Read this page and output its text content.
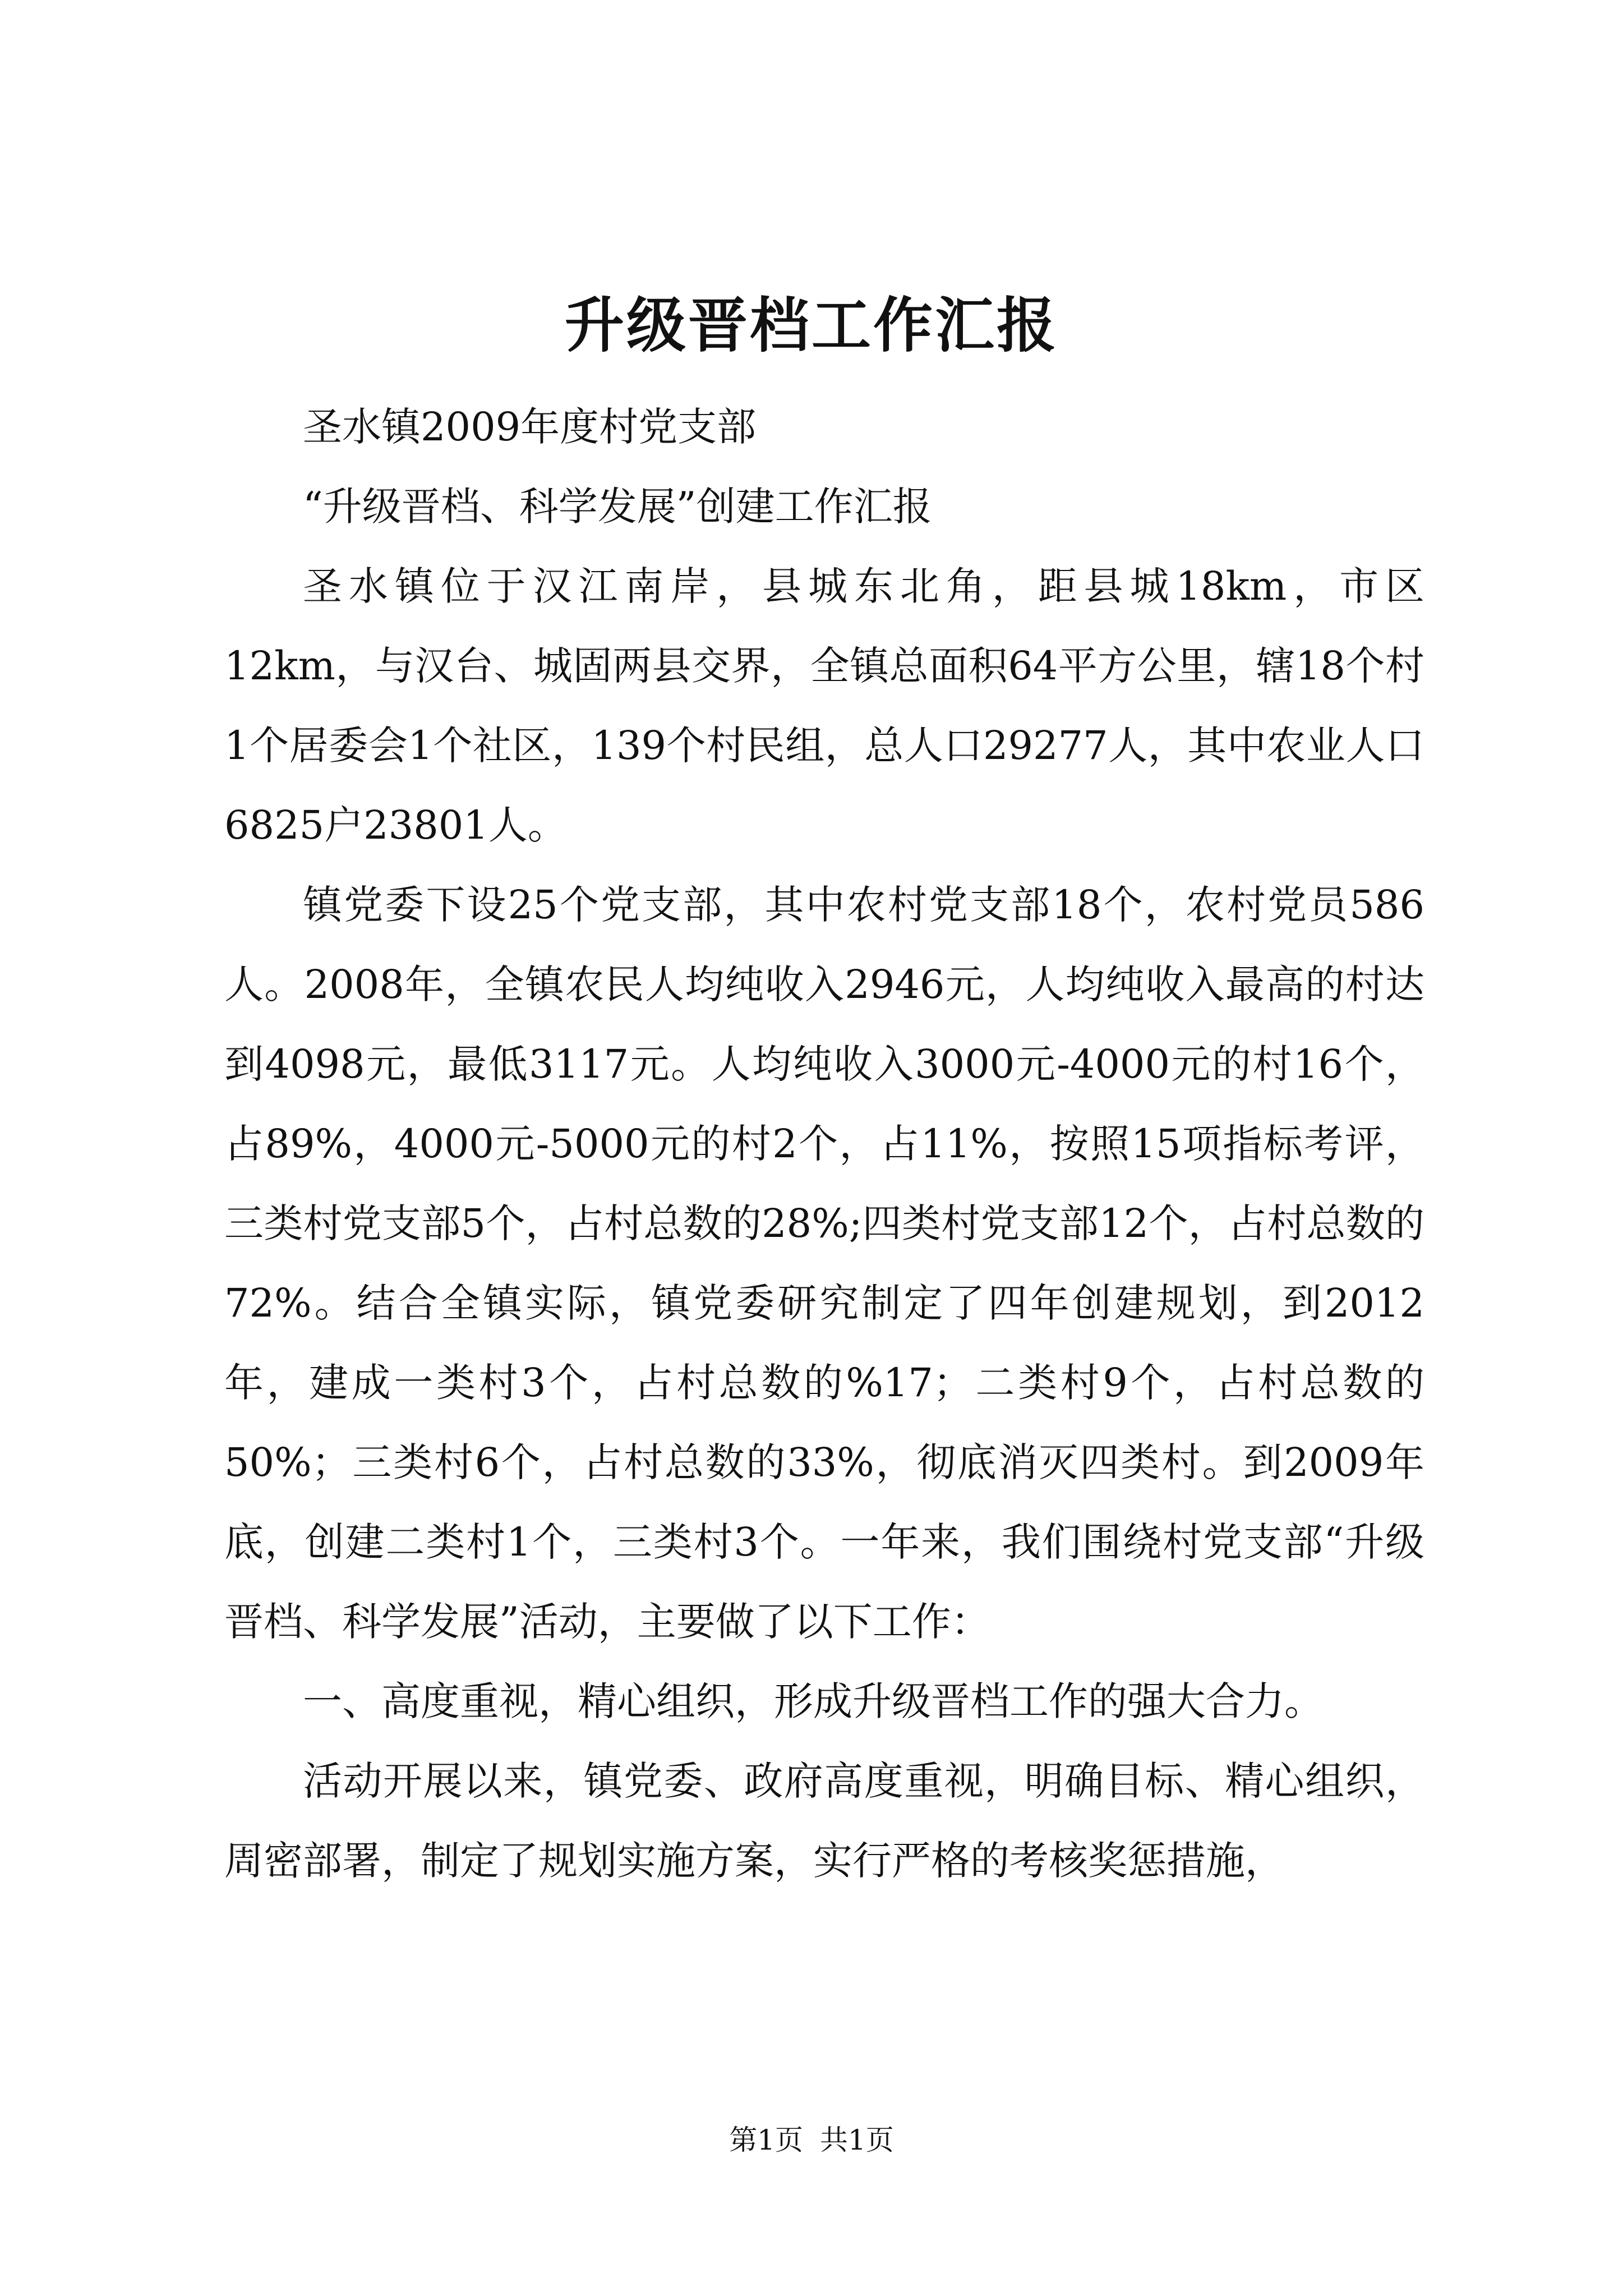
升级晋档工作汇报

圣水镇2009年度村党支部

“升级晋档、科学发展”创建工作汇报

圣水镇位于汉江南岸，县城东北角，距县城18km，市区12km，与汉台、城固两县交界，全镇总面积64平方公里，辖18个村1个居委会1个社区，139个村民组，总人口29277人，其中农业人口6825户23801人。

镇党委下设25个党支部，其中农村党支部18个，农村党员586人。2008年，全镇农民人均纯收入2946元，人均纯收入最高的村达到4098元，最低3117元。人均纯收入3000元-4000元的村16个，占89%，4000元-5000元的村2个，占11%，按照15项指标考评，三类村党支部5个，占村总数的28%;四类村党支部12个，占村总数的72%。结合全镇实际，镇党委研究制定了四年创建规划，到2012年，建成一类村3个，占村总数的%17；二类村9个，占村总数的50%；三类村6个，占村总数的33%，彻底消灭四类村。到2009年底，创建二类村1个，三类村3个。一年来，我们围绕村党支部“升级晋档、科学发展”活动，主要做了以下工作：

一、高度重视，精心组织，形成升级晋档工作的强大合力。

活动开展以来，镇党委、政府高度重视，明确目标、精心组织，周密部署，制定了规划实施方案，实行严格的考核奖惩措施，

第1页 共1页
